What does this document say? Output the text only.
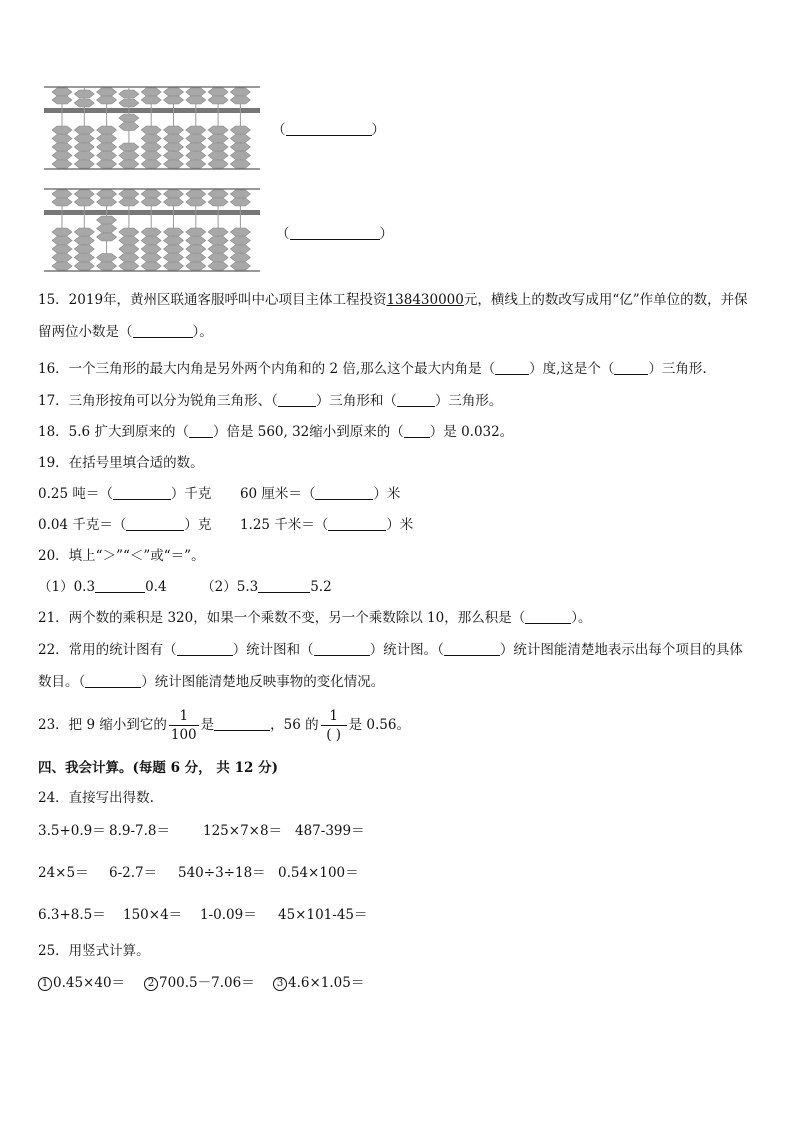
（	）
（	）
15．2019年，黄州区联通客服呼叫中心项目主体工程投资138430000元，横线上的数改写成用“亿”作单位的数，并保
留两位小数是（	）。
16．一个三角形的最大内角是另外两个内角和的 2 倍,那么这个最大内角是（	）度,这是个（	）三角形.
17．三角形按角可以分为锐角三角形、（	）三角形和（	）三角形。
18．5.6 扩大到原来的（ ）倍是 560, 32缩小到原来的（ ）是 0.032。
19．在括号里填合适的数。
0.25 吨＝（	）千克 60 厘米＝（	）米
0.04 千克＝（	）克 1.25 千米＝（	）米
20．填上“＞”“＜”或“＝”。
（1）0.3	0.4	（2）5.3	5.2
21．两个数的乘积是 320，如果一个乘数不变，另一个乘数除以 10，那么积是（	）。
22．常用的统计图有（	）统计图和（	）统计图。（	）统计图能清楚地表示出每个项目的具体
数目。（	）统计图能清楚地反映事物的变化情况。
23．把 9 缩小到它的 $\frac{1}{100}$ 是	，56 的 $\frac{1}{( )}$ 是 0.56。
四、我会计算。(每题 6 分， 共 12 分)
24．直接写出得数.
3.5+0.9＝ 8.9-7.8＝ 125×7×8＝ 487-399＝
24×5＝ 6-2.7＝ 540÷3÷18＝ 0.54×100＝
6.3+8.5＝ 150×4＝ 1-0.09＝ 45×101-45＝
25．用竖式计算。
1 0.45×40＝	2 700.5－7.06＝	3 4.6×1.05＝
